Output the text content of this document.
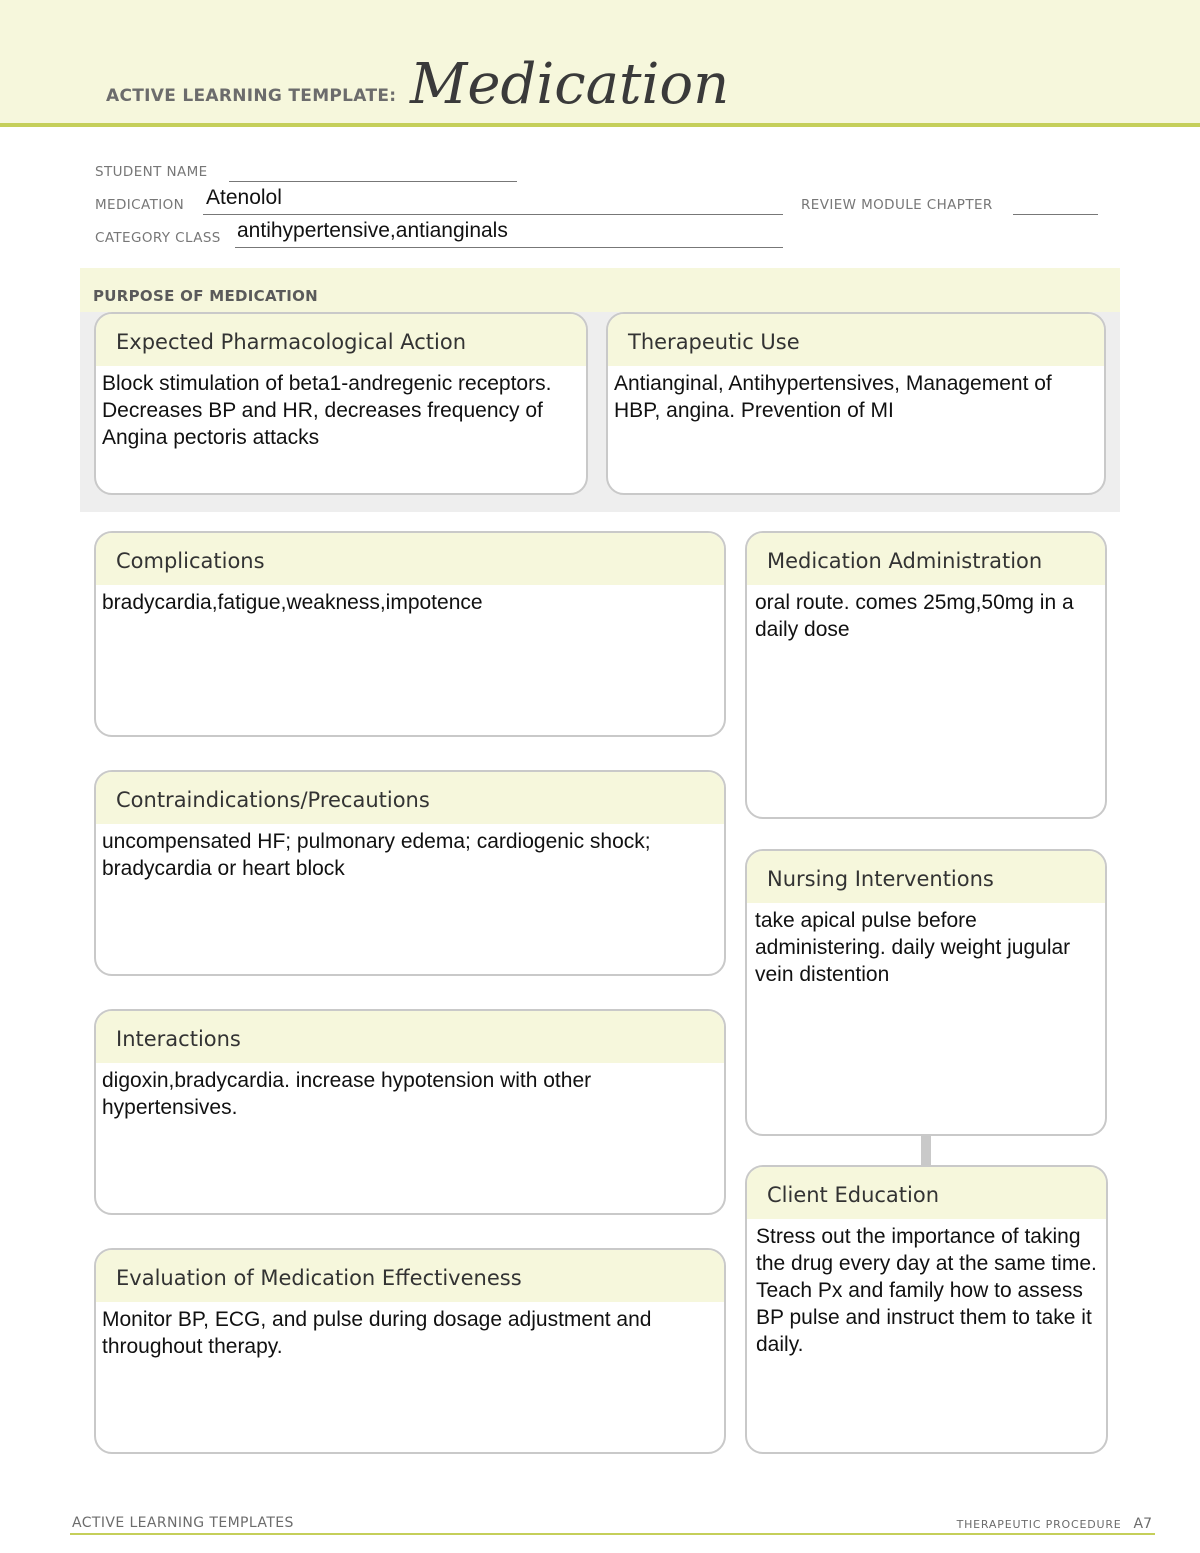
ACTIVE LEARNING TEMPLATE: Medication
STUDENT NAME
MEDICATION Atenolol	REVIEW MODULE CHAPTER
CATEGORY CLASS antihypertensive,antianginals
PURPOSE OF MEDICATION
Expected Pharmacological Action
Block stimulation of beta1-andregenic receptors. Decreases BP and HR, decreases frequency of Angina pectoris attacks
Therapeutic Use
Antianginal, Antihypertensives, Management of HBP, angina. Prevention of MI
Complications
bradycardia,fatigue,weakness,impotence
Contraindications/Precautions
uncompensated HF; pulmonary edema; cardiogenic shock; bradycardia or heart block
Interactions
digoxin,bradycardia. increase hypotension with other hypertensives.
Evaluation of Medication Effectiveness
Monitor BP, ECG, and pulse during dosage adjustment and throughout therapy.
Medication Administration
oral route. comes 25mg,50mg in a daily dose
Nursing Interventions
take apical pulse before administering. daily weight jugular vein distention
Client Education
Stress out the importance of taking the drug every day at the same time. Teach Px and family how to assess BP pulse and instruct them to take it daily.
ACTIVE LEARNING TEMPLATES	THERAPEUTIC PROCEDURE A7
